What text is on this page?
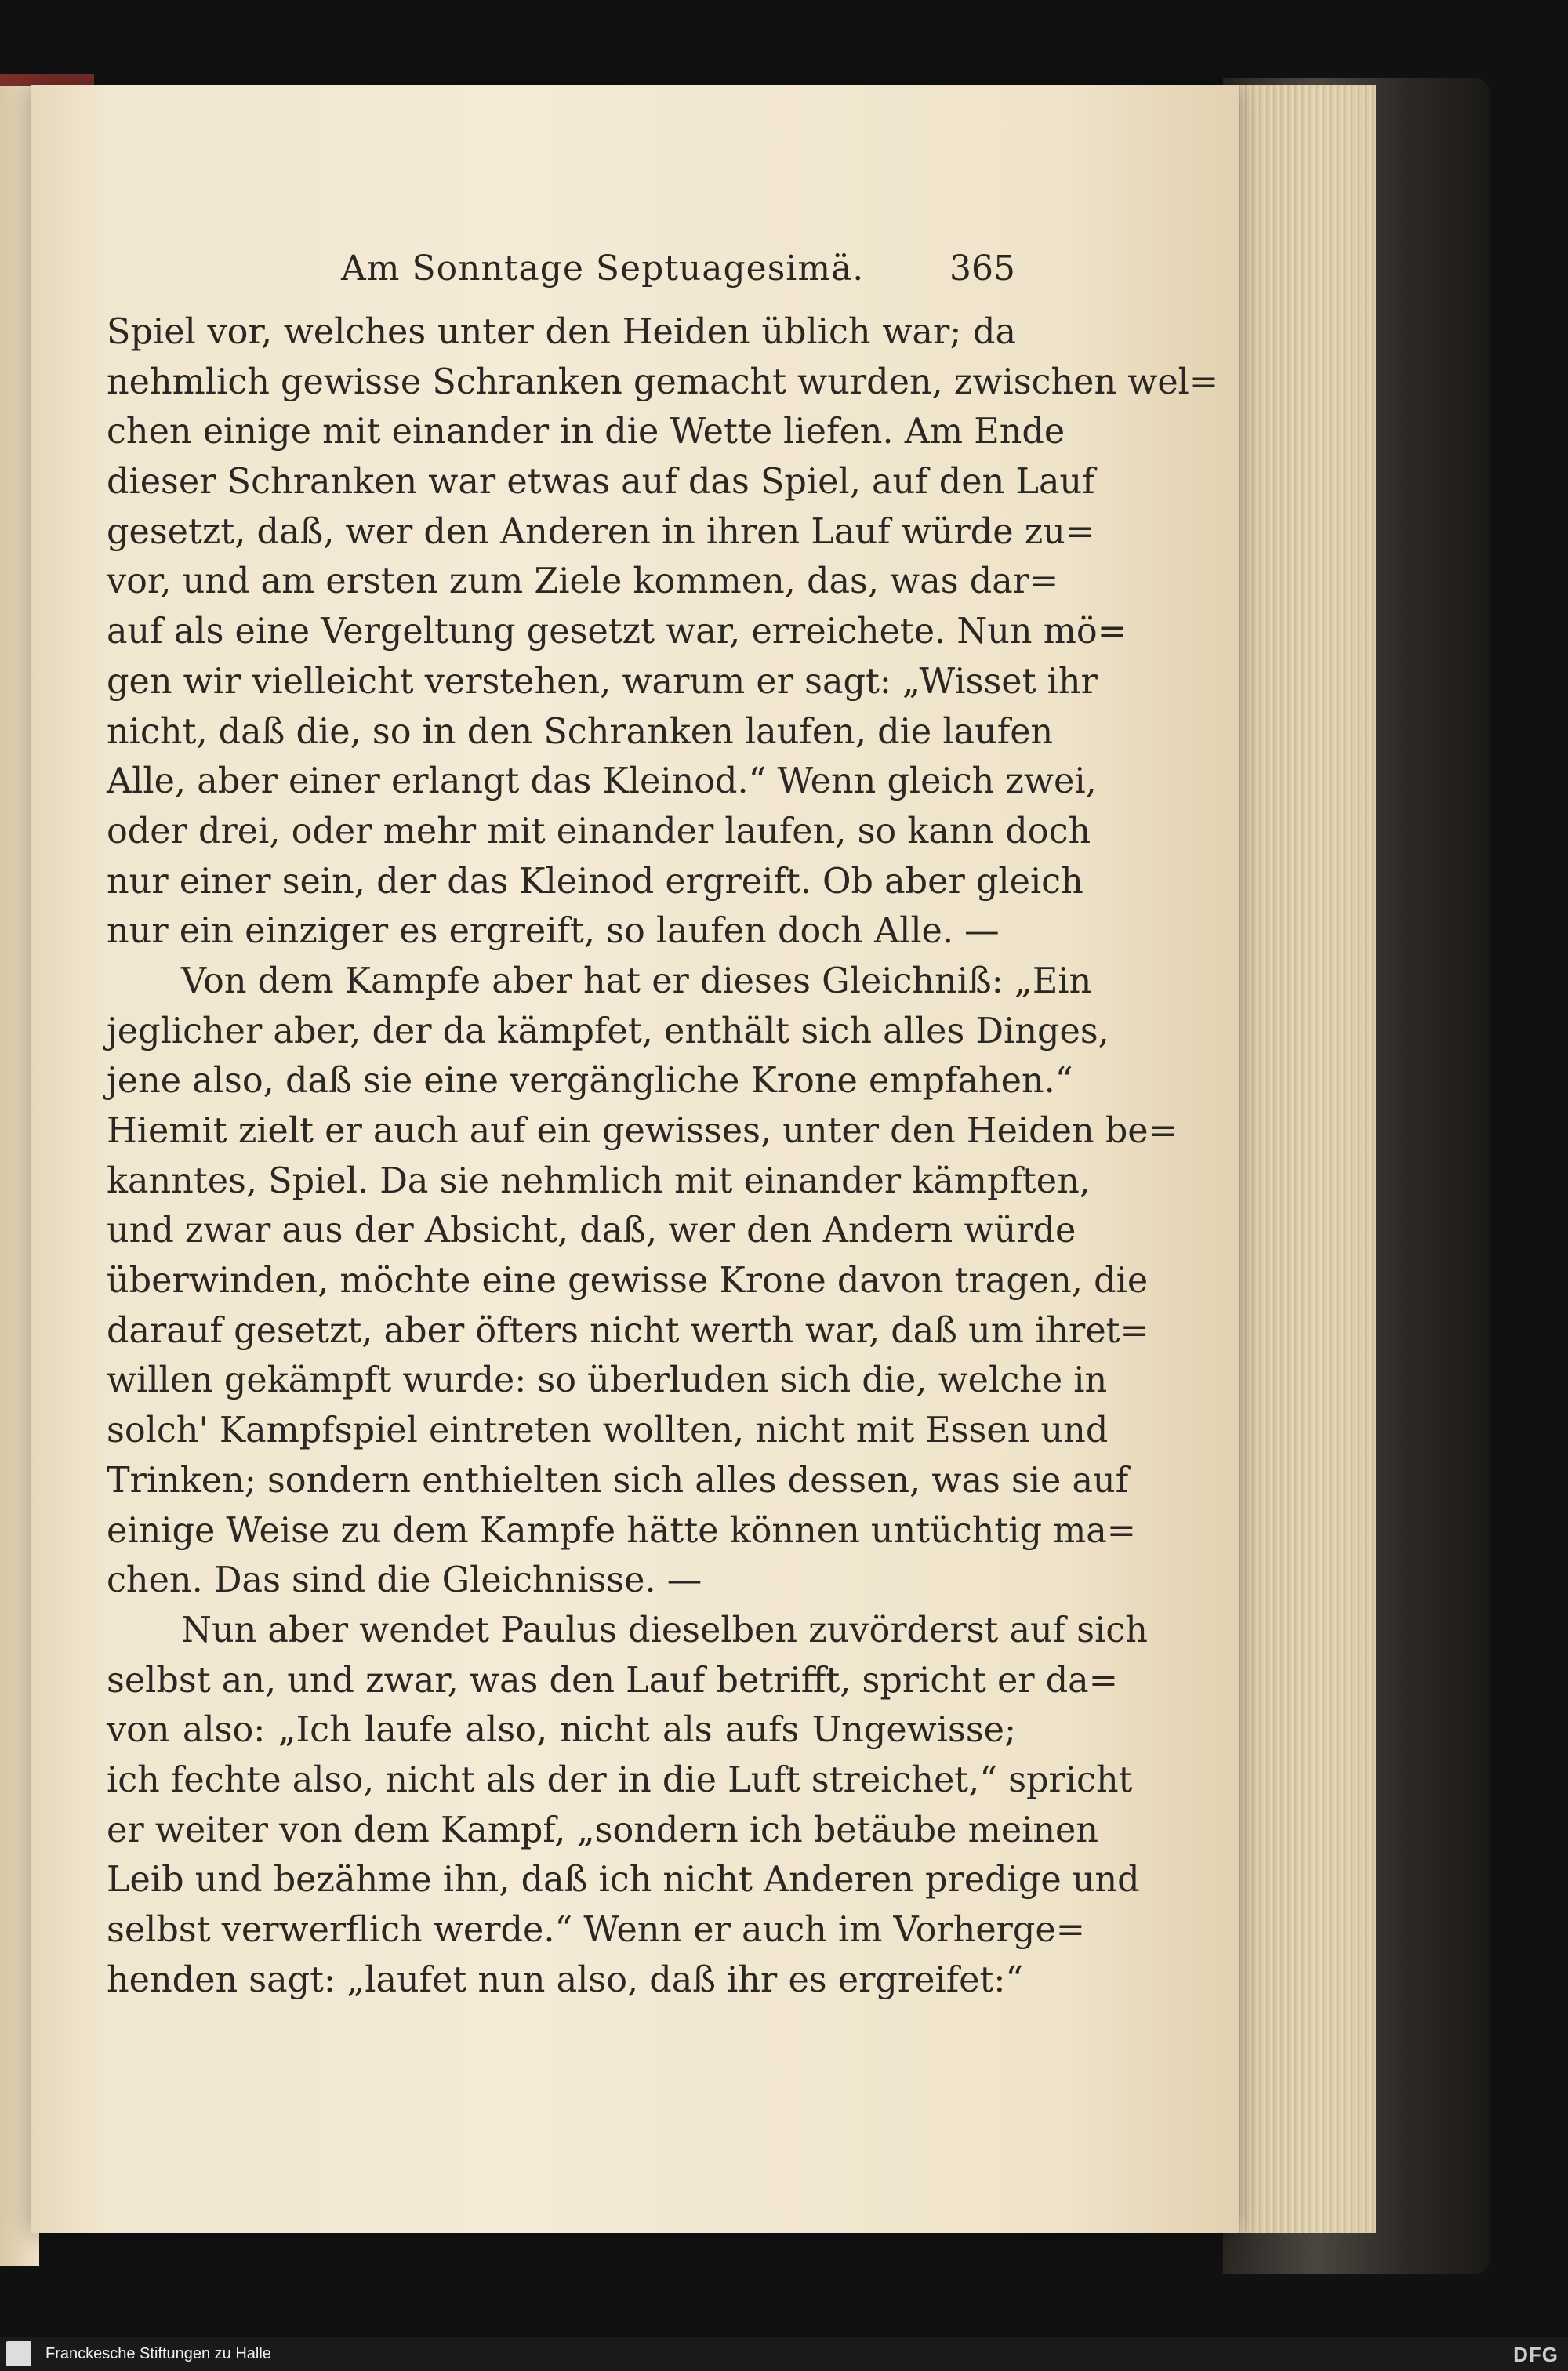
Am Sonntage Septuagesimä. 365
Spiel vor, welches unter den Heiden üblich war; da
nehmlich gewisse Schranken gemacht wurden, zwischen wel=
chen einige mit einander in die Wette liefen. Am Ende
dieser Schranken war etwas auf das Spiel, auf den Lauf
gesetzt, daß, wer den Anderen in ihren Lauf würde zu=
vor, und am ersten zum Ziele kommen, das, was dar=
auf als eine Vergeltung gesetzt war, erreichete. Nun mö=
gen wir vielleicht verstehen, warum er sagt: „Wisset ihr
nicht, daß die, so in den Schranken laufen, die laufen
Alle, aber einer erlangt das Kleinod.“ Wenn gleich zwei,
oder drei, oder mehr mit einander laufen, so kann doch
nur einer sein, der das Kleinod ergreift. Ob aber gleich
nur ein einziger es ergreift, so laufen doch Alle. —
Von dem Kampfe aber hat er dieses Gleichniß: „Ein
jeglicher aber, der da kämpfet, enthält sich alles Dinges,
jene also, daß sie eine vergängliche Krone empfahen.“
Hiemit zielt er auch auf ein gewisses, unter den Heiden be=
kanntes, Spiel. Da sie nehmlich mit einander kämpften,
und zwar aus der Absicht, daß, wer den Andern würde
überwinden, möchte eine gewisse Krone davon tragen, die
darauf gesetzt, aber öfters nicht werth war, daß um ihret=
willen gekämpft wurde: so überluden sich die, welche in
solch' Kampfspiel eintreten wollten, nicht mit Essen und
Trinken; sondern enthielten sich alles dessen, was sie auf
einige Weise zu dem Kampfe hätte können untüchtig ma=
chen. Das sind die Gleichnisse. —
Nun aber wendet Paulus dieselben zuvörderst auf sich
selbst an, und zwar, was den Lauf betrifft, spricht er da=
von also: „Ich laufe also, nicht als aufs Ungewisse;
ich fechte also, nicht als der in die Luft streichet,“ spricht
er weiter von dem Kampf, „sondern ich betäube meinen
Leib und bezähme ihn, daß ich nicht Anderen predige und
selbst verwerflich werde.“ Wenn er auch im Vorherge=
henden sagt: „laufet nun also, daß ihr es ergreifet:“
Franckesche Stiftungen zu Halle	DFG
